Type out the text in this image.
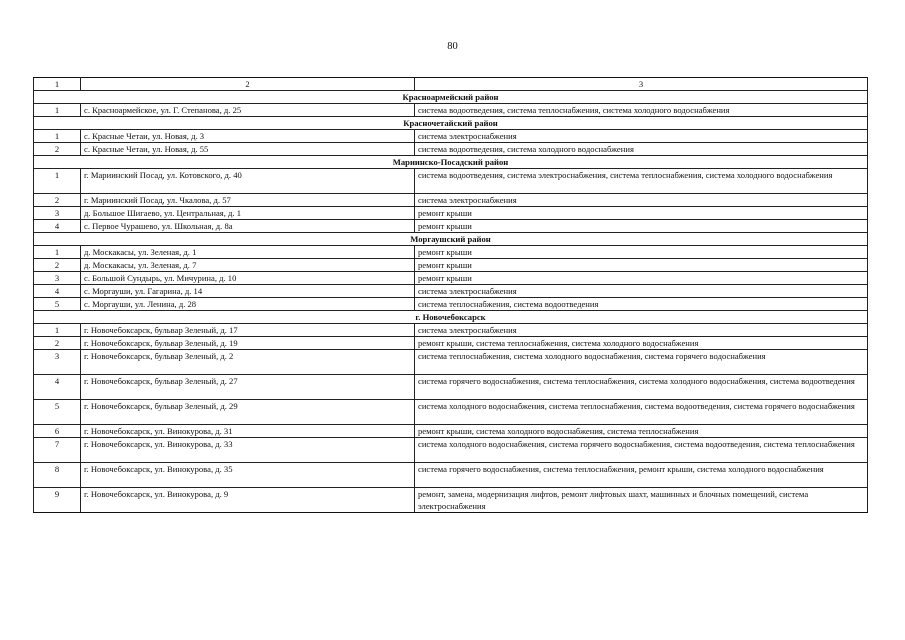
80
1	2	3
Красноармейский район		
1	с. Красноармейское, ул. Г. Степанова, д. 25	система водоотведения, система теплоснабжения, система холодного водоснабжения
Красночетайский район		
1	с. Красные Четаи, ул. Новая, д. 3	система электроснабжения
2	с. Красные Четаи, ул. Новая, д. 55	система водоотведения, система холодного водоснабжения
Мариинско-Посадский район		
1	г. Мариинский Посад, ул. Котовского, д. 40	система водоотведения, система электроснабжения, система теплоснабжения, система холодного водоснабжения
2	г. Мариинский Посад, ул. Чкалова, д. 57	система электроснабжения
3	д. Большое Шигаево, ул. Центральная, д. 1	ремонт крыши
4	с. Первое Чурашево, ул. Школьная, д. 8а	ремонт крыши
Моргаушский район		
1	д. Москакасы, ул. Зеленая, д. 1	ремонт крыши
2	д. Москакасы, ул. Зеленая, д. 7	ремонт крыши
3	с. Большой Сундырь, ул. Мичурина, д. 10	ремонт крыши
4	с. Моргауши, ул. Гагарина, д. 14	система электроснабжения
5	с. Моргауши, ул. Ленина, д. 28	система теплоснабжения, система водоотведения
г. Новочебоксарск		
1	г. Новочебоксарск, бульвар Зеленый, д. 17	система электроснабжения
2	г. Новочебоксарск, бульвар Зеленый, д. 19	ремонт крыши, система теплоснабжения, система холодного водоснабжения
3	г. Новочебоксарск, бульвар Зеленый, д. 2	система теплоснабжения, система холодного водоснабжения, система горячего водоснабжения
4	г. Новочебоксарск, бульвар Зеленый, д. 27	система горячего водоснабжения, система теплоснабжения, система холодного водоснабжения, система водоотведения
5	г. Новочебоксарск, бульвар Зеленый, д. 29	система холодного водоснабжения, система теплоснабжения, система водоотведения, система горячего водоснабжения
6	г. Новочебоксарск, ул. Винокурова, д. 31	ремонт крыши, система холодного водоснабжения, система теплоснабжения
7	г. Новочебоксарск, ул. Винокурова, д. 33	система холодного водоснабжения, система горячего водоснабжения, система водоотведения, система теплоснабжения
8	г. Новочебоксарск, ул. Винокурова, д. 35	система горячего водоснабжения, система теплоснабжения, ремонт крыши, система холодного водоснабжения
9	г. Новочебоксарск, ул. Винокурова, д. 9	ремонт, замена, модернизация лифтов, ремонт лифтовых шахт, машинных и блочных помещений, система электроснабжения
